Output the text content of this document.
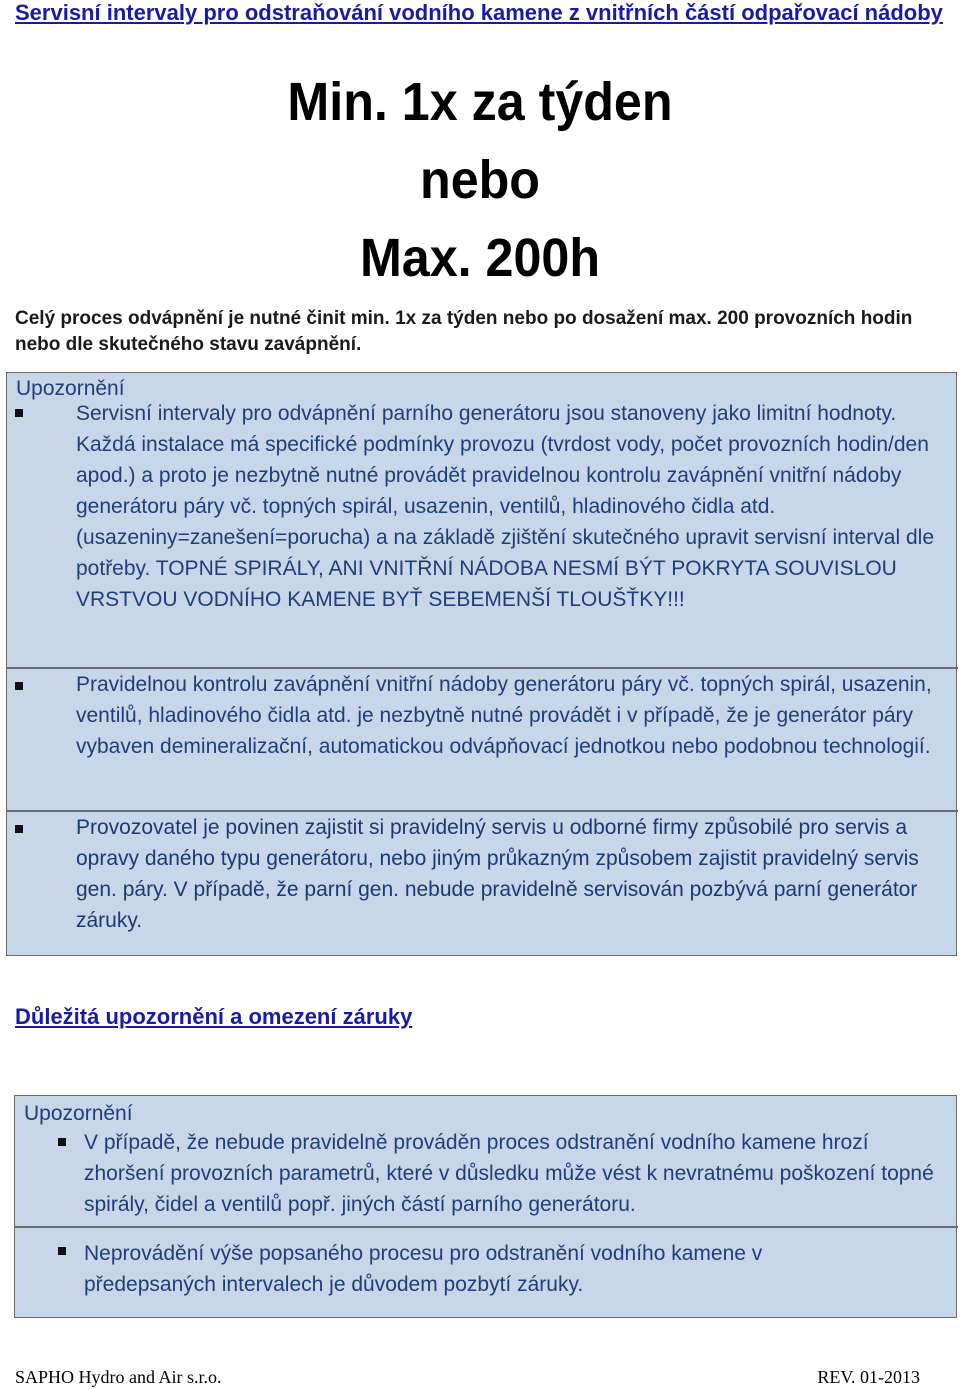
Servisní intervaly pro odstraňování vodního kamene z vnitřních částí odpařovací nádoby
Min. 1x za týden
nebo
Max. 200h
Celý proces odvápnění je nutné činit min. 1x za týden nebo po dosažení max. 200 provozních hodin nebo dle skutečného stavu zavápnění.
Upozornění
Servisní intervaly pro odvápnění parního generátoru jsou stanoveny jako limitní hodnoty. Každá instalace má specifické podmínky provozu (tvrdost vody, počet provozních hodin/den apod.) a proto je nezbytně nutné provádět pravidelnou kontrolu zavápnění vnitřní nádoby generátoru páry vč. topných spirál, usazenin, ventilů, hladinového čidla atd. (usazeniny=zanešení=porucha) a na základě zjištění skutečného upravit servisní interval dle potřeby. TOPNÉ SPIRÁLY, ANI VNITŘNÍ NÁDOBA NESMÍ BÝT POKRYTA SOUVISLOU VRSTVOU VODNÍHO KAMENE BYŤ SEBEMENŠÍ TLOUŠŤKY!!!
Pravidelnou kontrolu zavápnění vnitřní nádoby generátoru páry vč. topných spirál, usazenin, ventilů, hladinového čidla atd. je nezbytně nutné provádět i v případě, že je generátor páry vybaven demineralizační, automatickou odvápňovací jednotkou nebo podobnou technologií.
Provozovatel je povinen zajistit si pravidelný servis u odborné firmy způsobilé pro servis a opravy daného typu generátoru, nebo jiným průkazným způsobem zajistit pravidelný servis gen. páry. V případě, že parní gen. nebude pravidelně servisován pozbývá parní generátor záruky.
Důležitá upozornění a omezení záruky
Upozornění
V případě, že nebude pravidelně prováděn proces odstranění vodního kamene hrozí zhoršení provozních parametrů, které v důsledku může vést k nevratnému poškození topné spirály, čidel a ventilů popř. jiných částí parního generátoru.
Neprovádění výše popsaného procesu pro odstranění vodního kamene v předepsaných intervalech je důvodem pozbytí záruky.
SAPHO Hydro and Air s.r.o.	REV. 01-2013
